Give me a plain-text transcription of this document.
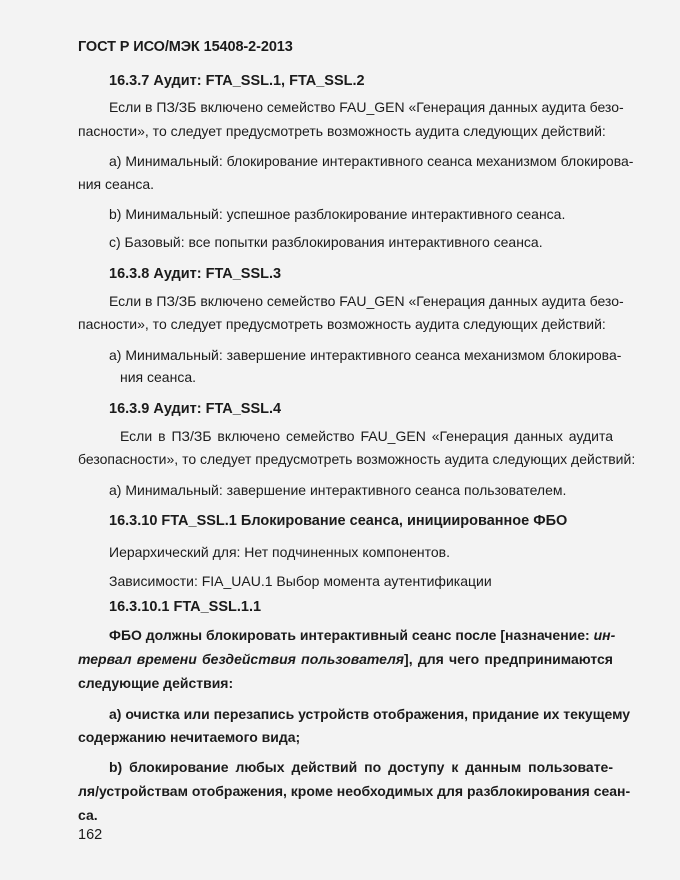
ГОСТ Р ИСО/МЭК 15408-2-2013
16.3.7 Аудит: FTA_SSL.1, FTA_SSL.2
Если в ПЗ/ЗБ включено семейство FAU_GEN «Генерация данных аудита безо-
пасности», то следует предусмотреть возможность аудита следующих действий:
а) Минимальный: блокирование интерактивного сеанса механизмом блокирова-
ния сеанса.
b) Минимальный: успешное разблокирование интерактивного сеанса.
с) Базовый: все попытки разблокирования интерактивного сеанса.
16.3.8 Аудит: FTA_SSL.3
Если в ПЗ/ЗБ включено семейство FAU_GEN «Генерация данных аудита безо-
пасности», то следует предусмотреть возможность аудита следующих действий:
а) Минимальный: завершение интерактивного сеанса механизмом блокирова-
ния сеанса.
16.3.9 Аудит: FTA_SSL.4
Если в ПЗ/ЗБ включено семейство FAU_GEN «Генерация данных аудита
безопасности», то следует предусмотреть возможность аудита следующих действий:
а) Минимальный: завершение интерактивного сеанса пользователем.
16.3.10 FTA_SSL.1 Блокирование сеанса, инициированное ФБО
Иерархический для: Нет подчиненных компонентов.
Зависимости: FIA_UAU.1 Выбор момента аутентификации
16.3.10.1 FTA_SSL.1.1
ФБО должны блокировать интерактивный сеанс после [назначение: ин-
тервал времени бездействия пользователя], для чего предпринимаются
следующие действия:
а) очистка или перезапись устройств отображения, придание их текущему
содержанию нечитаемого вида;
b) блокирование любых действий по доступу к данным пользовате-
ля/устройствам отображения, кроме необходимых для разблокирования сеан-
са.
162
